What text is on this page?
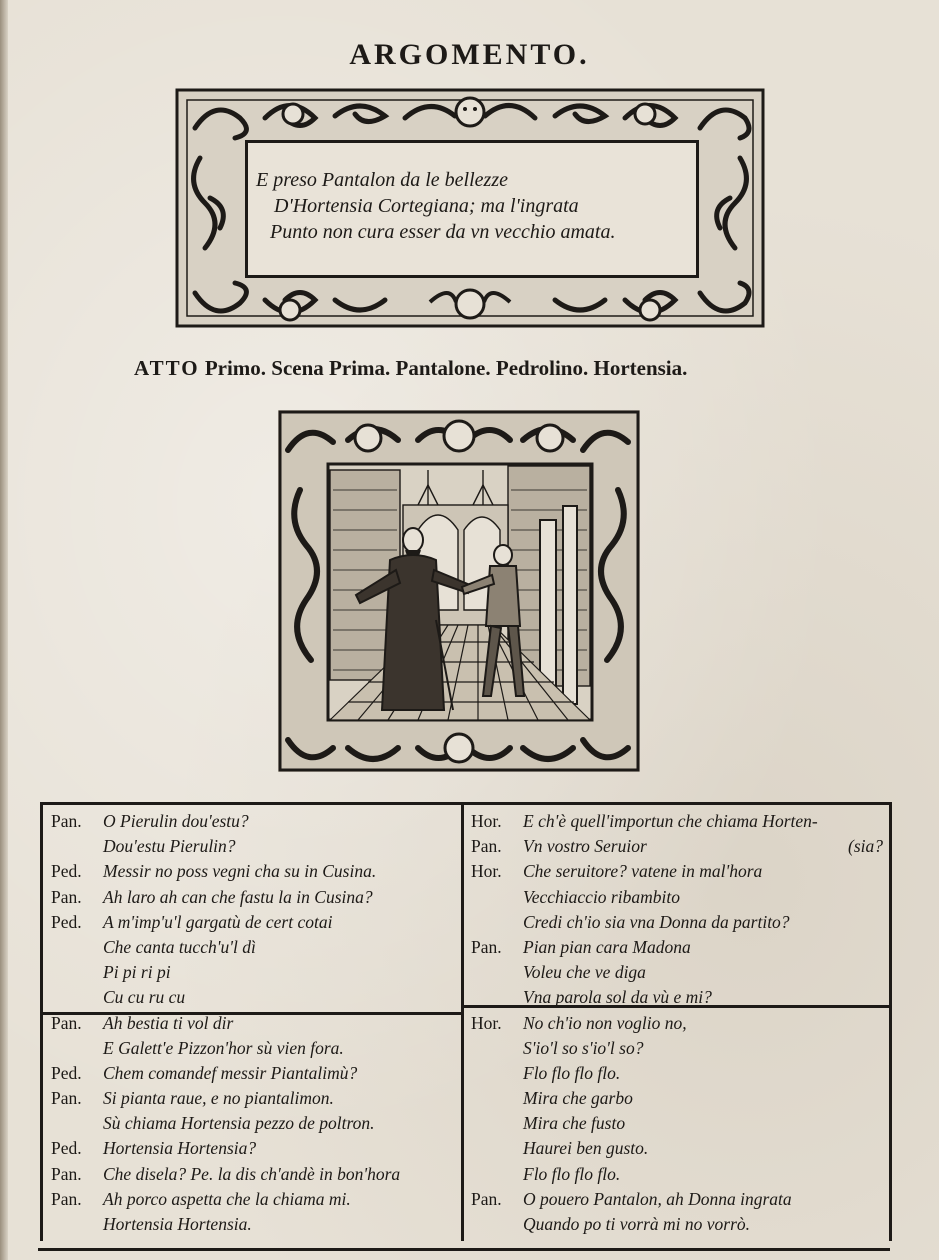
ARGOMENTO.
E preso Pantalon da le bellezze
D'Hortensia Cortegiana; ma l'ingrata
Punto non cura esser da vn vecchio amata.
ATTO Primo. Scena Prima. Pantalone. Pedrolino. Hortensia.
Pan. O Pierulin dou'estu?
Dou'estu Pierulin?
Ped. Messir no poss vegni cha su in Cusina.
Pan. Ah laro ah can che fastu la in Cusina?
Ped. A m'imp'u'l gargatù de cert cotai
Che canta tucch'u'l dì
Pi pi ri pi
Cu cu ru cu
Pan. Ah bestia ti vol dir
E Galett'e Pizzon'hor sù vien fora.
Ped. Chem comandef messir Piantalimù?
Pan. Si pianta raue, e no piantalimon.
Sù chiama Hortensia pezzo de poltron.
Ped. Hortensia Hortensia?
Pan. Che disela? Pe. la dis ch'andè in bon'hora
Pan. Ah porco aspetta che la chiama mi.
Hortensia Hortensia.
Hor. E ch'è quell'importun che chiama Horten-
Pan. Vn vostro Seruior	(sia?
Hor. Che seruitore? vatene in mal'hora
Vecchiaccio ribambito
Credi ch'io sia vna Donna da partito?
Pan. Pian pian cara Madona
Voleu che ve diga
Vna parola sol da vù e mi?
Hor. No ch'io non voglio no,
S'io'l so s'io'l so?
Flo flo flo flo.
Mira che garbo
Mira che fusto
Haurei ben gusto.
Flo flo flo flo.
Pan. O pouero Pantalon, ah Donna ingrata
Quando po ti vorrà mi no vorrò.
